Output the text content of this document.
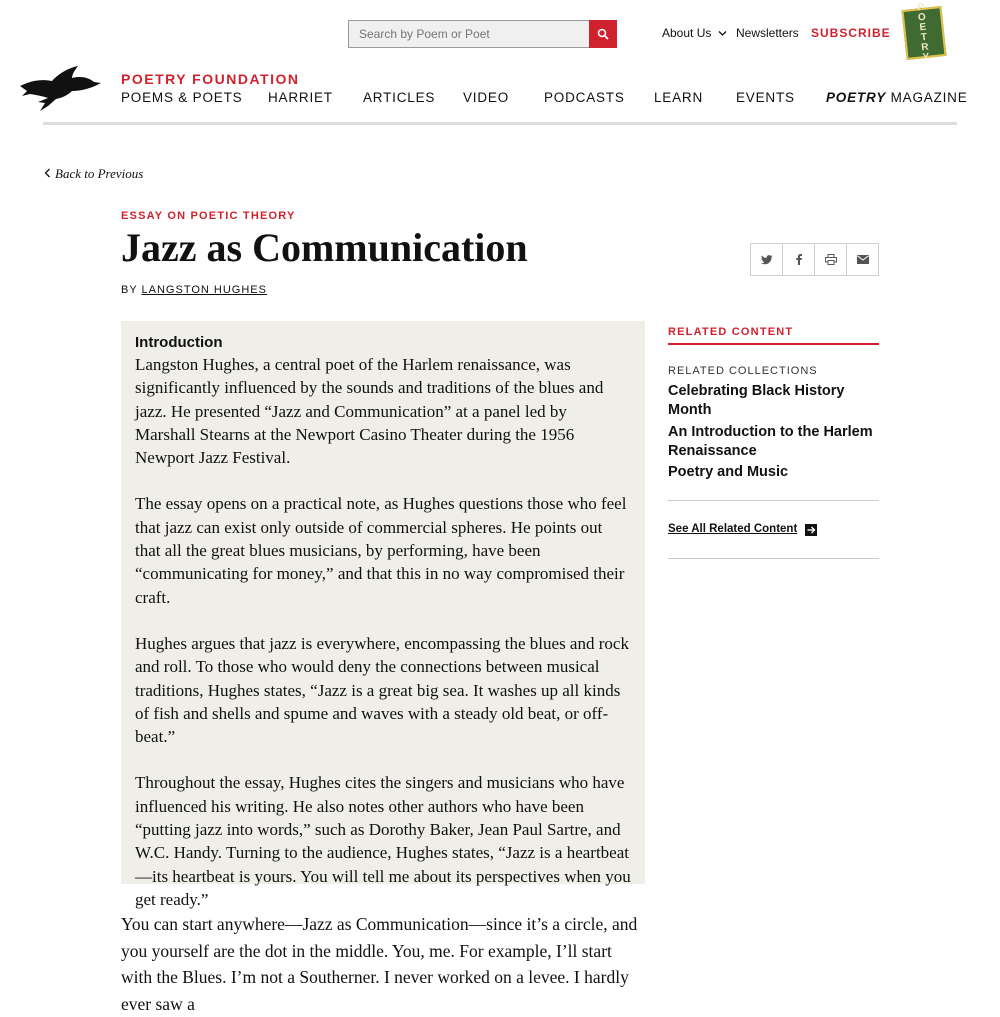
Search by Poem or Poet
About Us	Newsletters SUBSCRIBE
P
O
E
T
R
Y
POETRY FOUNDATION
POEMS & POETS HARRIET ARTICLES VIDEO	PODCASTS LEARN EVENTS POETRY MAGAZINE
Back to Previous
ESSAY ON POETIC THEORY
Jazz as Communication
BY LANGSTON HUGHES
Introduction

Langston Hughes, a central poet of the Harlem renaissance, was significantly influenced by the sounds and traditions of the blues and jazz. He presented “Jazz and Communication” at a panel led by Marshall Stearns at the Newport Casino Theater during the 1956 Newport Jazz Festival.

The essay opens on a practical note, as Hughes questions those who feel that jazz can exist only outside of commercial spheres. He points out that all the great blues musicians, by performing, have been “communicating for money,” and that this in no way compromised their craft.

Hughes argues that jazz is everywhere, encompassing the blues and rock and roll. To those who would deny the connections between musical traditions, Hughes states, “Jazz is a great big sea. It washes up all kinds of fish and shells and spume and waves with a steady old beat, or off-beat.”

Throughout the essay, Hughes cites the singers and musicians who have influenced his writing. He also notes other authors who have been “putting jazz into words,” such as Dorothy Baker, Jean Paul Sartre, and W.C. Handy. Turning to the audience, Hughes states, “Jazz is a heartbeat —its heartbeat is yours. You will tell me about its perspectives when you get ready.”

You can start anywhere—Jazz as Communication—since it’s a circle, and you yourself are the dot in the middle. You, me. For example, I’ll start with the Blues. I’m not a Southerner. I never worked on a levee. I hardly ever saw a

RELATED CONTENT
RELATED COLLECTIONS
Celebrating Black History Month
An Introduction to the Harlem Renaissance
Poetry and Music
See All Related Content
